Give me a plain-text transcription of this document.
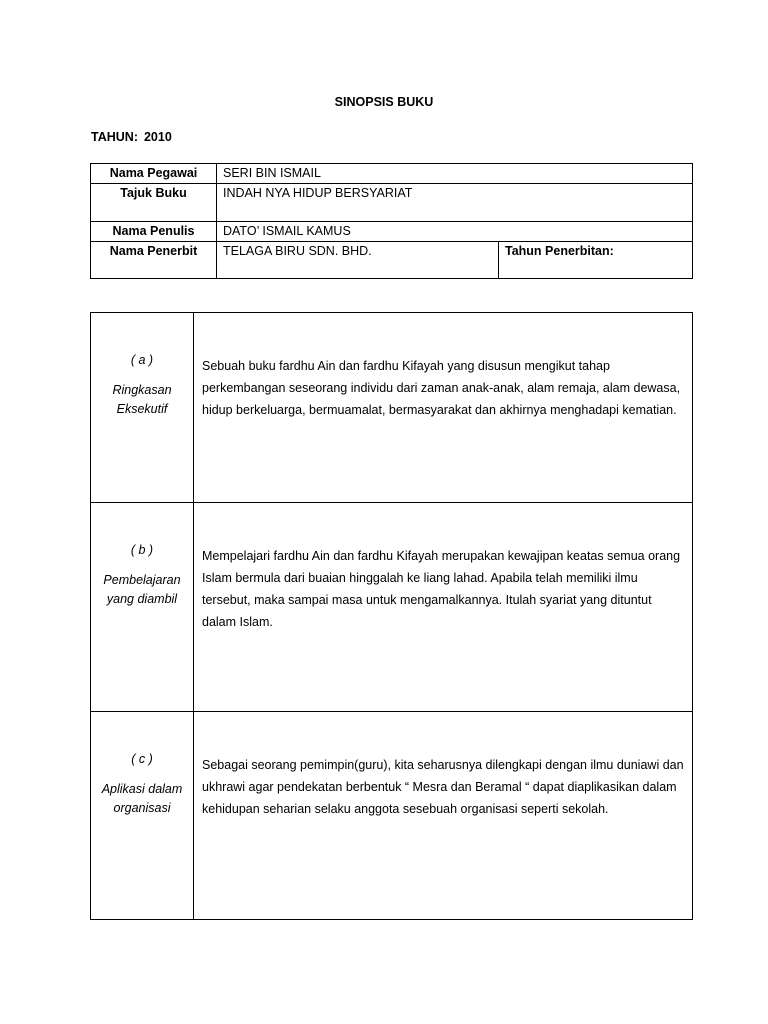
SINOPSIS BUKU
TAHUN: 2010
Nama Pegawai	SERI BIN ISMAIL	
Tajuk Buku	INDAH NYA HIDUP BERSYARIAT	
Nama Penulis	DATO’ ISMAIL KAMUS	
Nama Penerbit	TELAGA BIRU SDN. BHD.	Tahun Penerbitan:
( a )
Ringkasan Eksekutif	Sebuah buku fardhu Ain dan fardhu Kifayah yang disusun mengikut tahap perkembangan seseorang individu dari zaman anak-anak, alam remaja, alam dewasa, hidup berkeluarga, bermuamalat, bermasyarakat dan akhirnya menghadapi kematian.

( b )
Pembelajaran yang diambil	Mempelajari fardhu Ain dan fardhu Kifayah merupakan kewajipan keatas semua orang Islam bermula dari buaian hinggalah ke liang lahad. Apabila telah memiliki ilmu tersebut, maka sampai masa untuk mengamalkannya. Itulah syariat yang dituntut dalam Islam.

( c )
Aplikasi dalam organisasi	Sebagai seorang pemimpin(guru), kita seharusnya dilengkapi dengan ilmu duniawi dan ukhrawi agar pendekatan berbentuk “ Mesra dan Beramal “ dapat diaplikasikan dalam kehidupan seharian selaku anggota sesebuah organisasi seperti sekolah.
